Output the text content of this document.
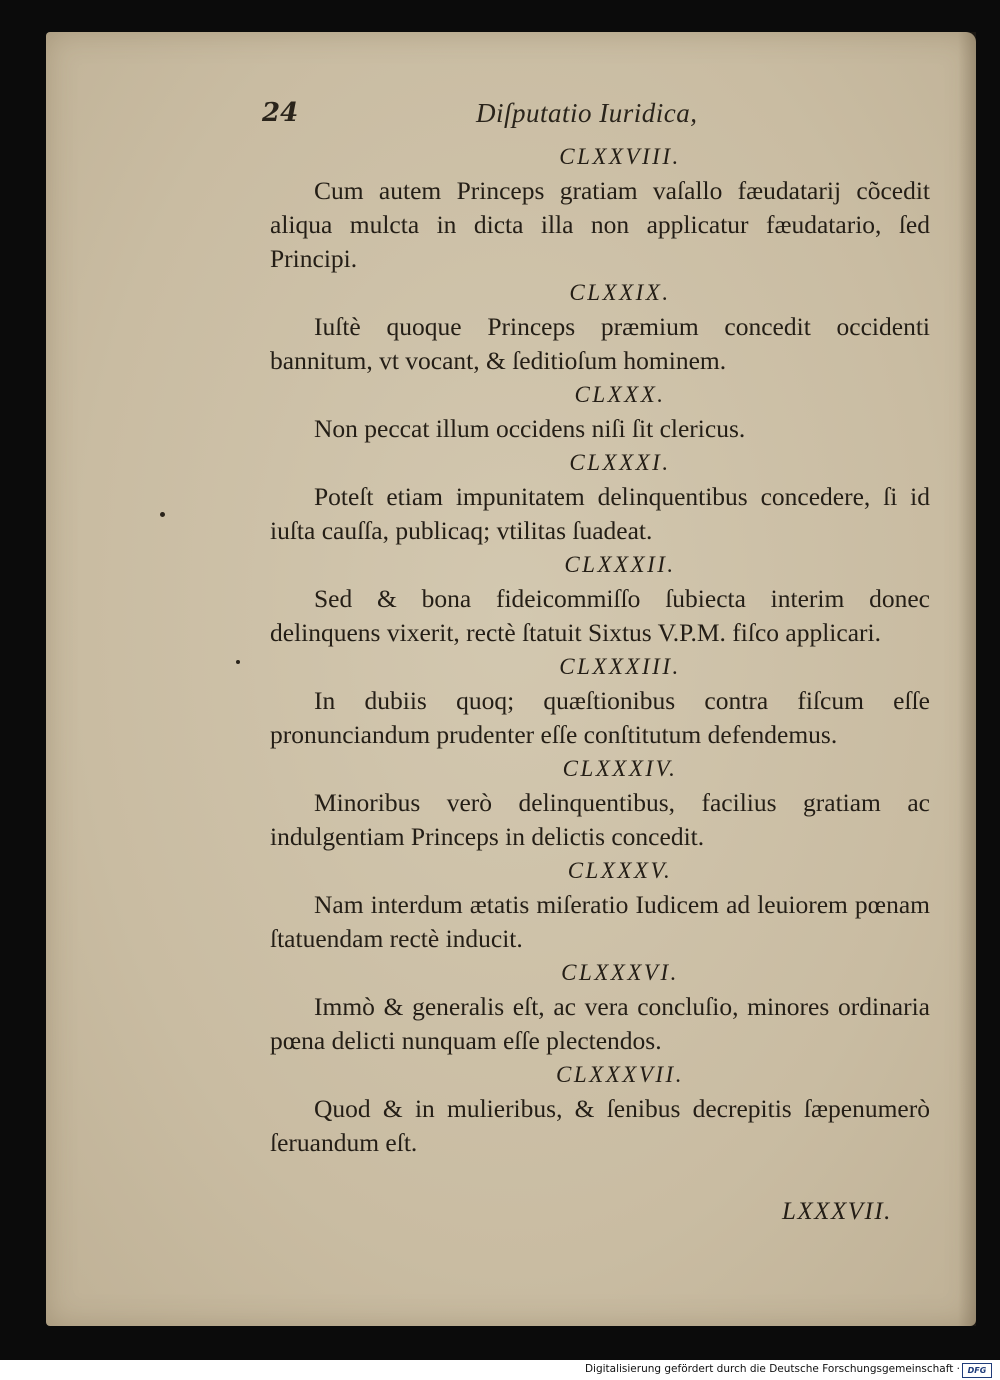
24	Diſputatio Iuridica,
CLXXVIII.

Cum autem Princeps gratiam vaſallo fæudatarij cõcedit aliqua mulcta in dicta illa non applicatur fæudatario, ſed Principi.

CLXXIX.

Iuſtè quoque Princeps præmium concedit occidenti bannitum, vt vocant, & ſeditioſum hominem.

CLXXX.

Non peccat illum occidens niſi ſit clericus.

CLXXXI.

Poteſt etiam impunitatem delinquentibus concedere, ſi id iuſta cauſſa, publicaq; vtilitas ſuadeat.

CLXXXII.

Sed & bona fideicommiſſo ſubiecta interim donec delinquens vixerit, rectè ſtatuit Sixtus V.P.M. fiſco applicari.

CLXXXIII.

In dubiis quoq; quæſtionibus contra fiſcum eſſe pronunciandum prudenter eſſe conſtitutum defendemus.

CLXXXIV.

Minoribus verò delinquentibus, facilius gratiam ac indulgentiam Princeps in delictis concedit.

CLXXXV.

Nam interdum ætatis miſeratio Iudicem ad leuiorem pœnam ſtatuendam rectè inducit.

CLXXXVI.

Immò & generalis eſt, ac vera concluſio, minores ordinaria pœna delicti nunquam eſſe plectendos.

CLXXXVII.

Quod & in mulieribus, & ſenibus decrepitis ſæpenumerò ſeruandum eſt.

LXXXVII.
Digitalisierung gefördert durch die Deutsche Forschungsgemeinschaft · DFG
